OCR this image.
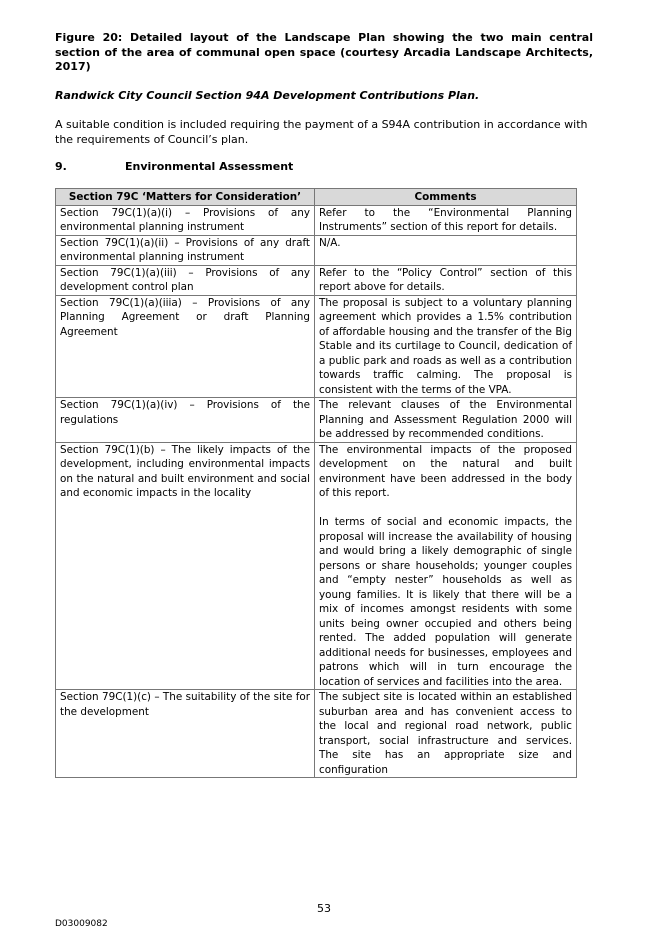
Figure 20: Detailed layout of the Landscape Plan showing the two main central section of the area of communal open space (courtesy Arcadia Landscape Architects, 2017)
Randwick City Council Section 94A Development Contributions Plan.
A suitable condition is included requiring the payment of a S94A contribution in accordance with the requirements of Council’s plan.
9.	Environmental Assessment
Section 79C ‘Matters for Consideration’	Comments
Section 79C(1)(a)(i) – Provisions of any environmental planning instrument	Refer to the “Environmental Planning Instruments” section of this report for details.
Section 79C(1)(a)(ii) – Provisions of any draft environmental planning instrument	N/A.
Section 79C(1)(a)(iii) – Provisions of any development control plan	Refer to the “Policy Control” section of this report above for details.
Section 79C(1)(a)(iiia) – Provisions of any Planning Agreement or draft Planning Agreement	The proposal is subject to a voluntary planning agreement which provides a 1.5% contribution of affordable housing and the transfer of the Big Stable and its curtilage to Council, dedication of a public park and roads as well as a contribution towards traffic calming. The proposal is consistent with the terms of the VPA.
Section 79C(1)(a)(iv) – Provisions of the regulations	The relevant clauses of the Environmental Planning and Assessment Regulation 2000 will be addressed by recommended conditions.
Section 79C(1)(b) – The likely impacts of the development, including environmental impacts on the natural and built environment and social and economic impacts in the locality	The environmental impacts of the proposed development on the natural and built environment have been addressed in the body of this report.
In terms of social and economic impacts, the proposal will increase the availability of housing and would bring a likely demographic of single persons or share households; younger couples and “empty nester” households as well as young families. It is likely that there will be a mix of incomes amongst residents with some units being owner occupied and others being rented. The added population will generate additional needs for businesses, employees and patrons which will in turn encourage the location of services and facilities into the area.

Section 79C(1)(c) – The suitability of the site for the development	The subject site is located within an established suburban area and has convenient access to the local and regional road network, public transport, social infrastructure and services. The site has an appropriate size and configuration
53
D03009082
